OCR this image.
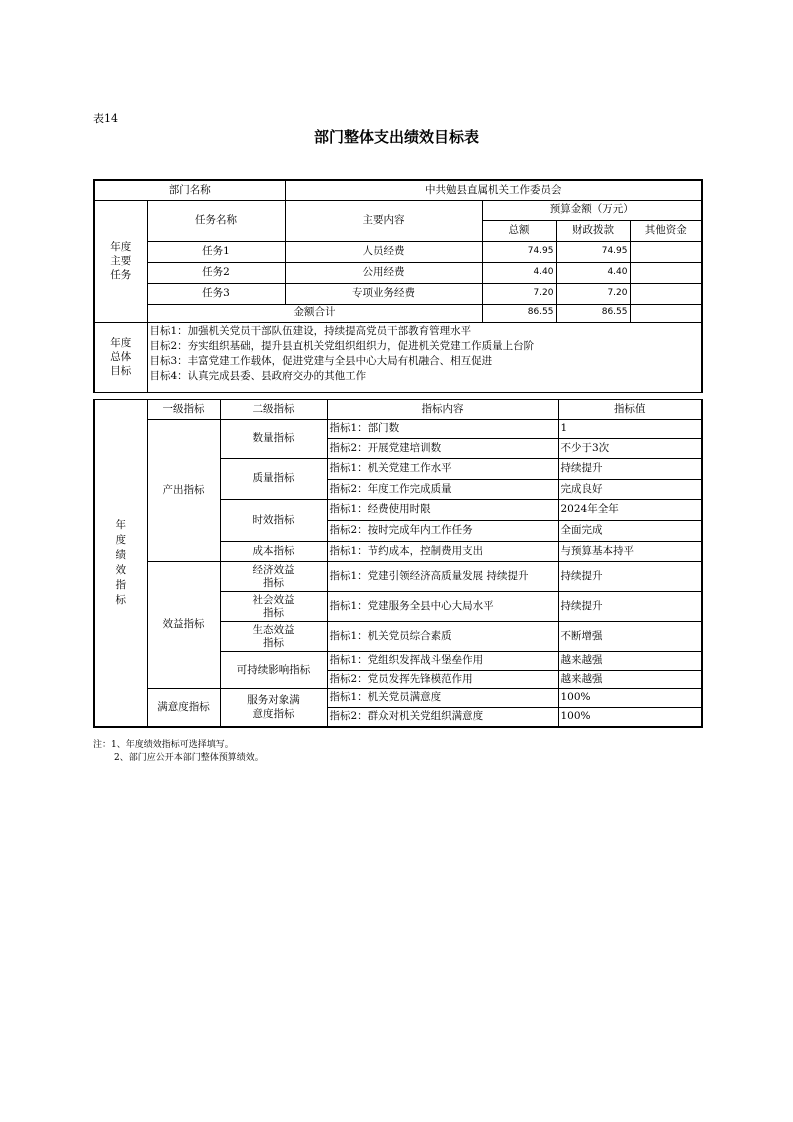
表14
部门整体支出绩效目标表
部门名称		中共勉县直属机关工作委员会			

年度主要任务	任务名称	主要内容	预算金额（万元）		
			总额	财政拨款	其他资金
	任务1	人员经费	74.95	74.95	
	任务2	公用经费	4.40	4.40	
	任务3	专项业务经费	7.20	7.20	
	金额合计		86.55	86.55	

年度总体目标	目标1：加强机关党员干部队伍建设，持续提高党员干部教育管理水平
目标2：夯实组织基础，提升县直机关党组织组织力，促进机关党建工作质量上台阶
目标3：丰富党建工作载体，促进党建与全县中心大局有机融合、相互促进
目标4：认真完成县委、县政府交办的其他工作				
年度绩效指标	一级指标	二级指标	指标内容	指标值
	产出指标	数量指标	指标1：部门数	1
			指标2：开展党建培训数	不少于3次
		质量指标	指标1：机关党建工作水平	持续提升
			指标2：年度工作完成质量	完成良好
		时效指标	指标1：经费使用时限	2024年全年
			指标2：按时完成年内工作任务	全面完成
		成本指标	指标1：节约成本，控制费用支出	与预算基本持平
	效益指标	经济效益指标	指标1：党建引领经济高质量发展 持续提升	持续提升

		社会效益指标	指标1：党建服务全县中心大局水平	持续提升

		生态效益指标	指标1：机关党员综合素质	不断增强

		可持续影响指标	指标1：党组织发挥战斗堡垒作用	越来越强
			指标2：党员发挥先锋模范作用	越来越强
	满意度指标	服务对象满意度指标	指标1：机关党员满意度	100%
			指标2：群众对机关党组织满意度	100%
注：1、年度绩效指标可选择填写。
2、部门应公开本部门整体预算绩效。
